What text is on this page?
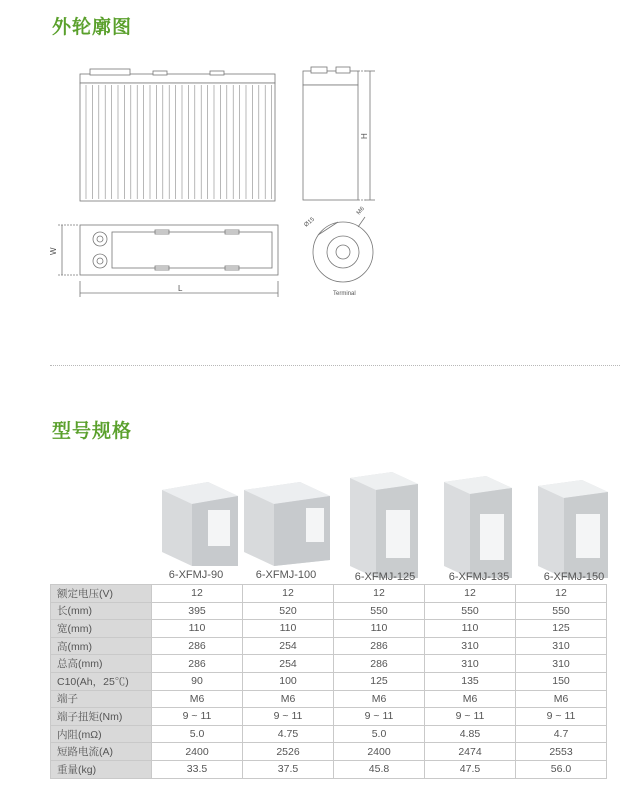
外轮廓图
H
W
L
Ø15
M6
Terminal
型号规格
6-XFMJ-90	6-XFMJ-100	6-XFMJ-125	6-XFMJ-135	6-XFMJ-150
额定电压(V)	12	12	12	12	12
长(mm)	395	520	550	550	550
宽(mm)	110	110	110	110	125
高(mm)	286	254	286	310	310
总高(mm)	286	254	286	310	310
C10(Ah，25℃)	90	100	125	135	150
端子	M6	M6	M6	M6	M6
端子扭矩(Nm)	9 ~ 11	9 ~ 11	9 ~ 11	9 ~ 11	9 ~ 11
内阻(mΩ)	5.0	4.75	5.0	4.85	4.7
短路电流(A)	2400	2526	2400	2474	2553
重量(kg)	33.5	37.5	45.8	47.5	56.0
